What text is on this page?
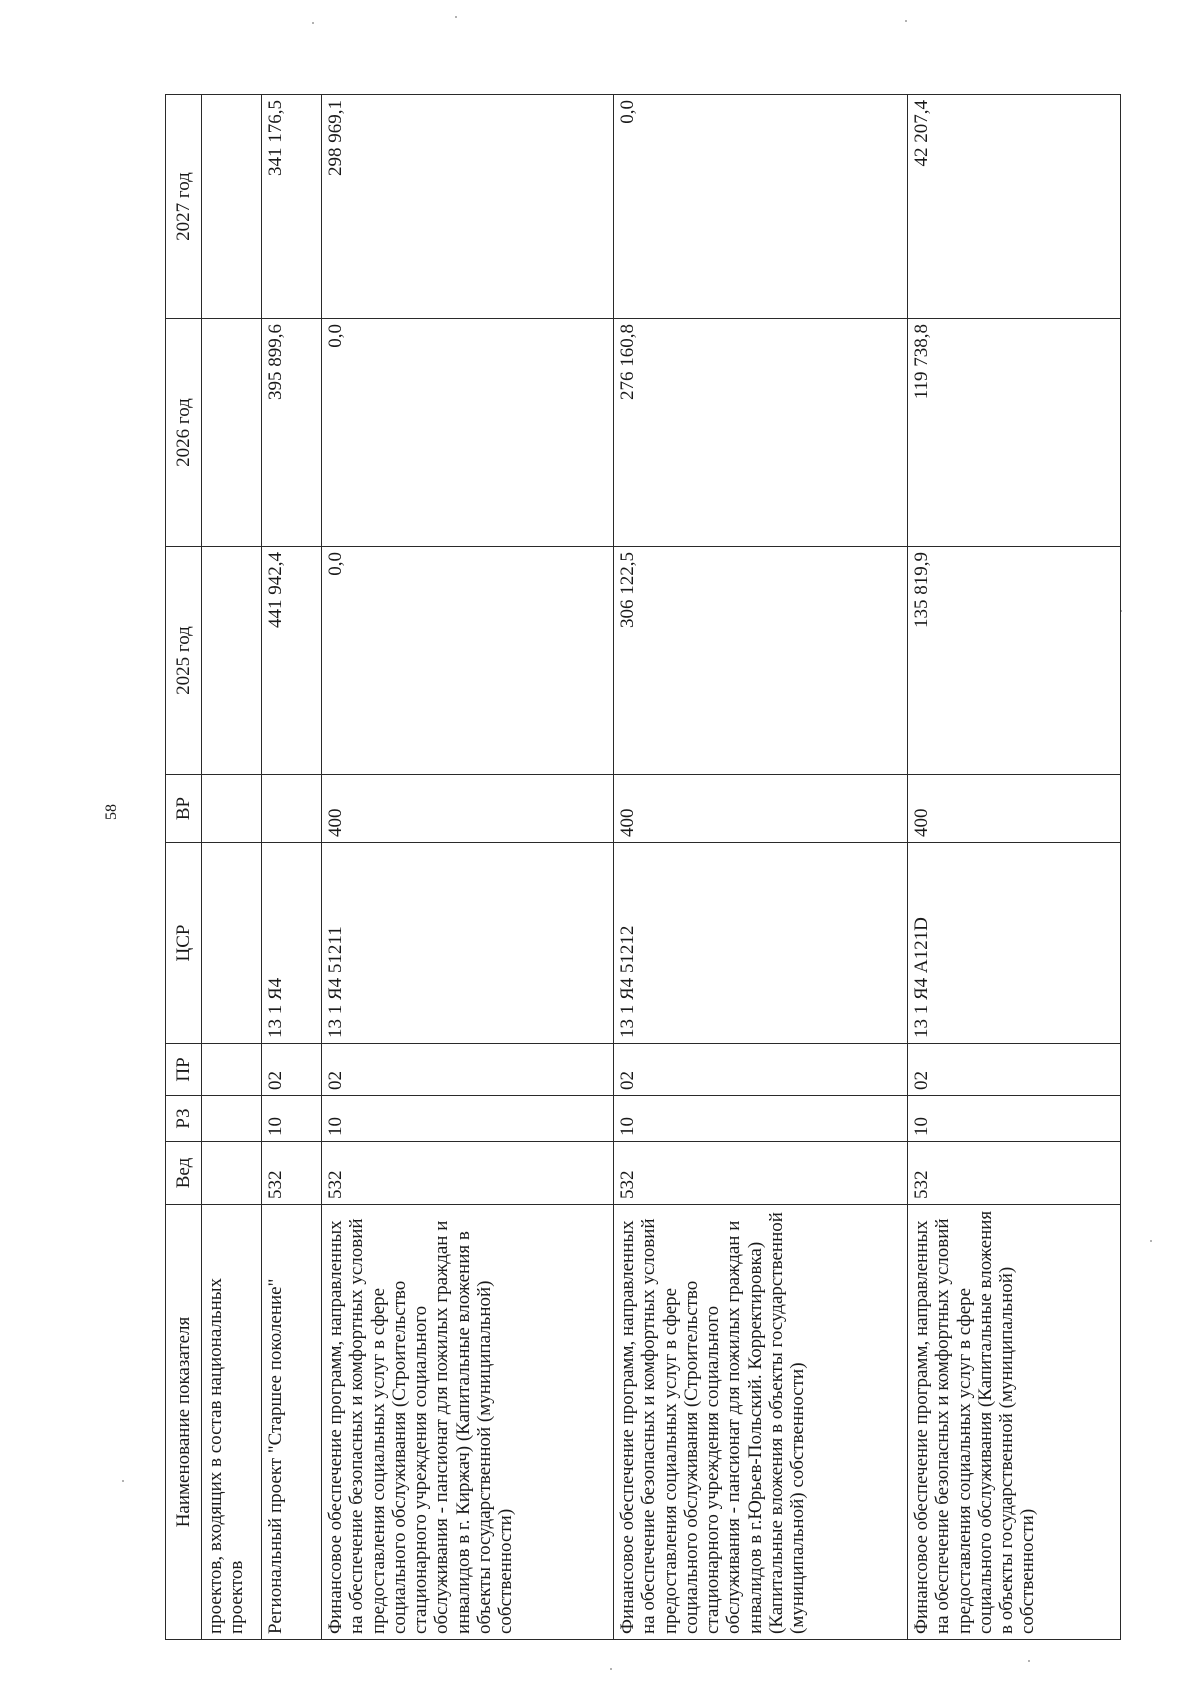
58
Наименование показателя	Вед	РЗ	ПР	ЦСР	ВР	2025 год	2026 год	2027 год
проектов, входящих в состав национальных проектов								
Региональный проект "Старшее поколение"	532	10	02	13 1 Я4		441 942,4	395 899,6	341 176,5
Финансовое обеспечение программ, направленных на обеспечение безопасных и комфортных условий предоставления социальных услуг в сфере социального обслуживания (Строительство стационарного учреждения социального обслуживания - пансионат для пожилых граждан и инвалидов в г. Киржач) (Капитальные вложения в объекты государственной (муниципальной) собственности)	532	10	02	13 1 Я4 51211	400	0,0	0,0	298 969,1
Финансовое обеспечение программ, направленных на обеспечение безопасных и комфортных условий предоставления социальных услуг в сфере социального обслуживания (Строительство стационарного учреждения социального обслуживания - пансионат для пожилых граждан и инвалидов в г.Юрьев-Польский. Корректировка) (Капитальные вложения в объекты государственной (муниципальной) собственности)	532	10	02	13 1 Я4 51212	400	306 122,5	276 160,8	0,0
Финансовое обеспечение программ, направленных на обеспечение безопасных и комфортных условий предоставления социальных услуг в сфере социального обслуживания (Капитальные вложения в объекты государственной (муниципальной) собственности)	532	10	02	13 1 Я4 A121D	400	135 819,9	119 738,8	42 207,4
